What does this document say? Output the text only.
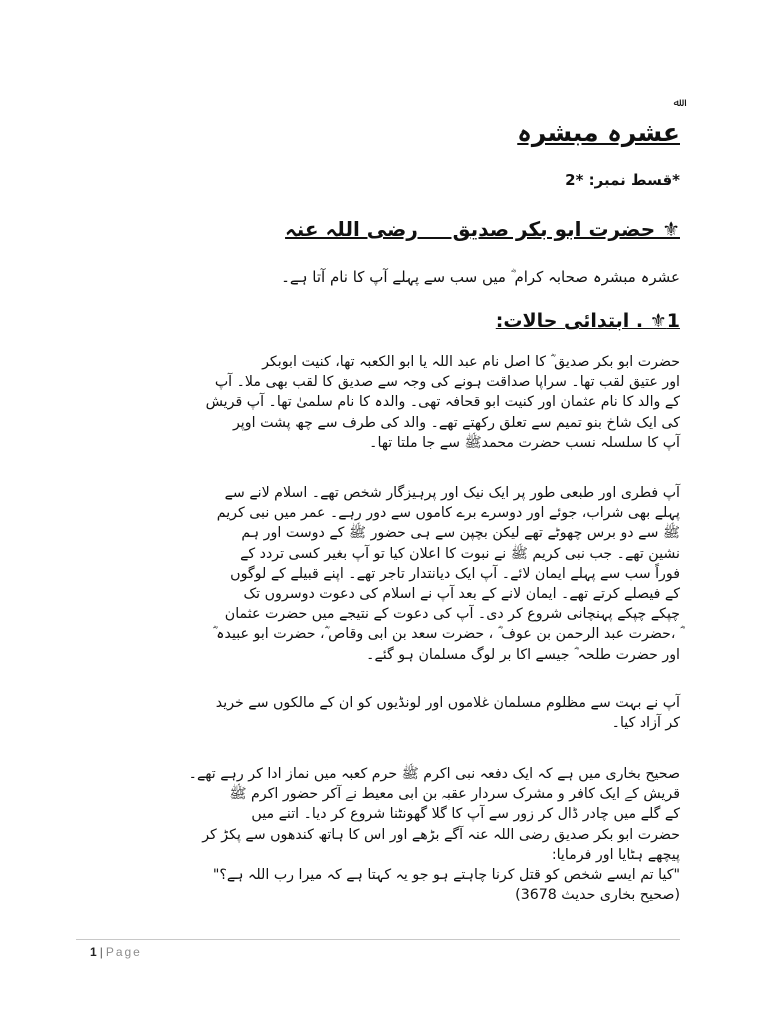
ﷲ
عشرہ مبشرہ
*قسط نمبر: *2
⚜ حضرت ابو بکر صدیق     رضی اللہ عنہ
عشرہ مبشرہ صحابہ کرام ؓ میں سب سے پہلے آپ کا نام آتا ہے۔
1⚜ . ابتدائی حالات:
حضرت ابو بکر صدیق ؓ کا اصل نام عبد اللہ یا ابو الکعبہ تھا، کنیت ابوبکر
اور عتیق لقب تھا۔ سراپا صداقت ہونے کی وجہ سے صدیق کا لقب بھی ملا۔ آپ
کے والد کا نام عثمان اور کنیت ابو قحافہ تھی۔ والدہ کا نام سلمیٰ تھا۔ آپ قریش
کی ایک شاخ بنو تمیم سے تعلق رکھتے تھے۔ والد کی طرف سے چھ پشت اوپر
آپ کا سلسلہ نسب حضرت محمدﷺ سے جا ملتا تھا۔
آپ فطری اور طبعی طور پر ایک نیک اور پرہیزگار شخص تھے۔ اسلام لانے سے
پہلے بھی شراب، جوئے اور دوسرے برے کاموں سے دور رہے۔ عمر میں نبی کریم
ﷺ سے دو برس چھوٹے تھے لیکن بچپن سے ہی حضور ﷺ کے دوست اور ہم
نشین تھے۔ جب نبی کریم ﷺ نے نبوت کا اعلان کیا تو آپ بغیر کسی تردد کے
فوراً سب سے پہلے ایمان لائے۔ آپ ایک دیانتدار تاجر تھے۔ اپنے قبیلے کے لوگوں
کے فیصلے کرتے تھے۔ ایمان لانے کے بعد آپ نے اسلام کی دعوت دوسروں تک
چپکے چپکے پہنچانی شروع کر دی۔ آپ کی دعوت کے نتیجے میں حضرت عثمان
ؓ ،حضرت عبد الرحمن بن عوف ؓ ، حضرت سعد بن ابی وقاص ؓ، حضرت ابو عبیدہ ؓ
اور حضرت طلحہ ؓ جیسے اکا بر لوگ مسلمان ہو گئے۔
آپ نے بہت سے مظلوم مسلمان غلاموں اور لونڈیوں کو ان کے مالکوں سے خرید
کر آزاد کیا۔
صحیح بخاری میں ہے کہ ایک دفعہ نبی اکرم ﷺ حرم کعبہ میں نماز ادا کر رہے تھے۔
قریش کے ایک کافر و مشرک سردار عقبہ بن ابی معیط نے آکر حضور اکرم ﷺ
کے گلے میں چادر ڈال کر زور سے آپ کا گلا گھونٹنا شروع کر دیا۔ اتنے میں
حضرت ابو بکر صدیق رضی اللہ عنہ آگے بڑھے اور اس کا ہاتھ کندھوں سے پکڑ کر
پیچھے ہٹایا اور فرمایا:
"کیا تم ایسے شخص کو قتل کرنا چاہتے ہو جو یہ کہتا ہے کہ میرا رب اللہ ہے؟"
(صحیح بخاری حدیث 3678)
1 | Page
